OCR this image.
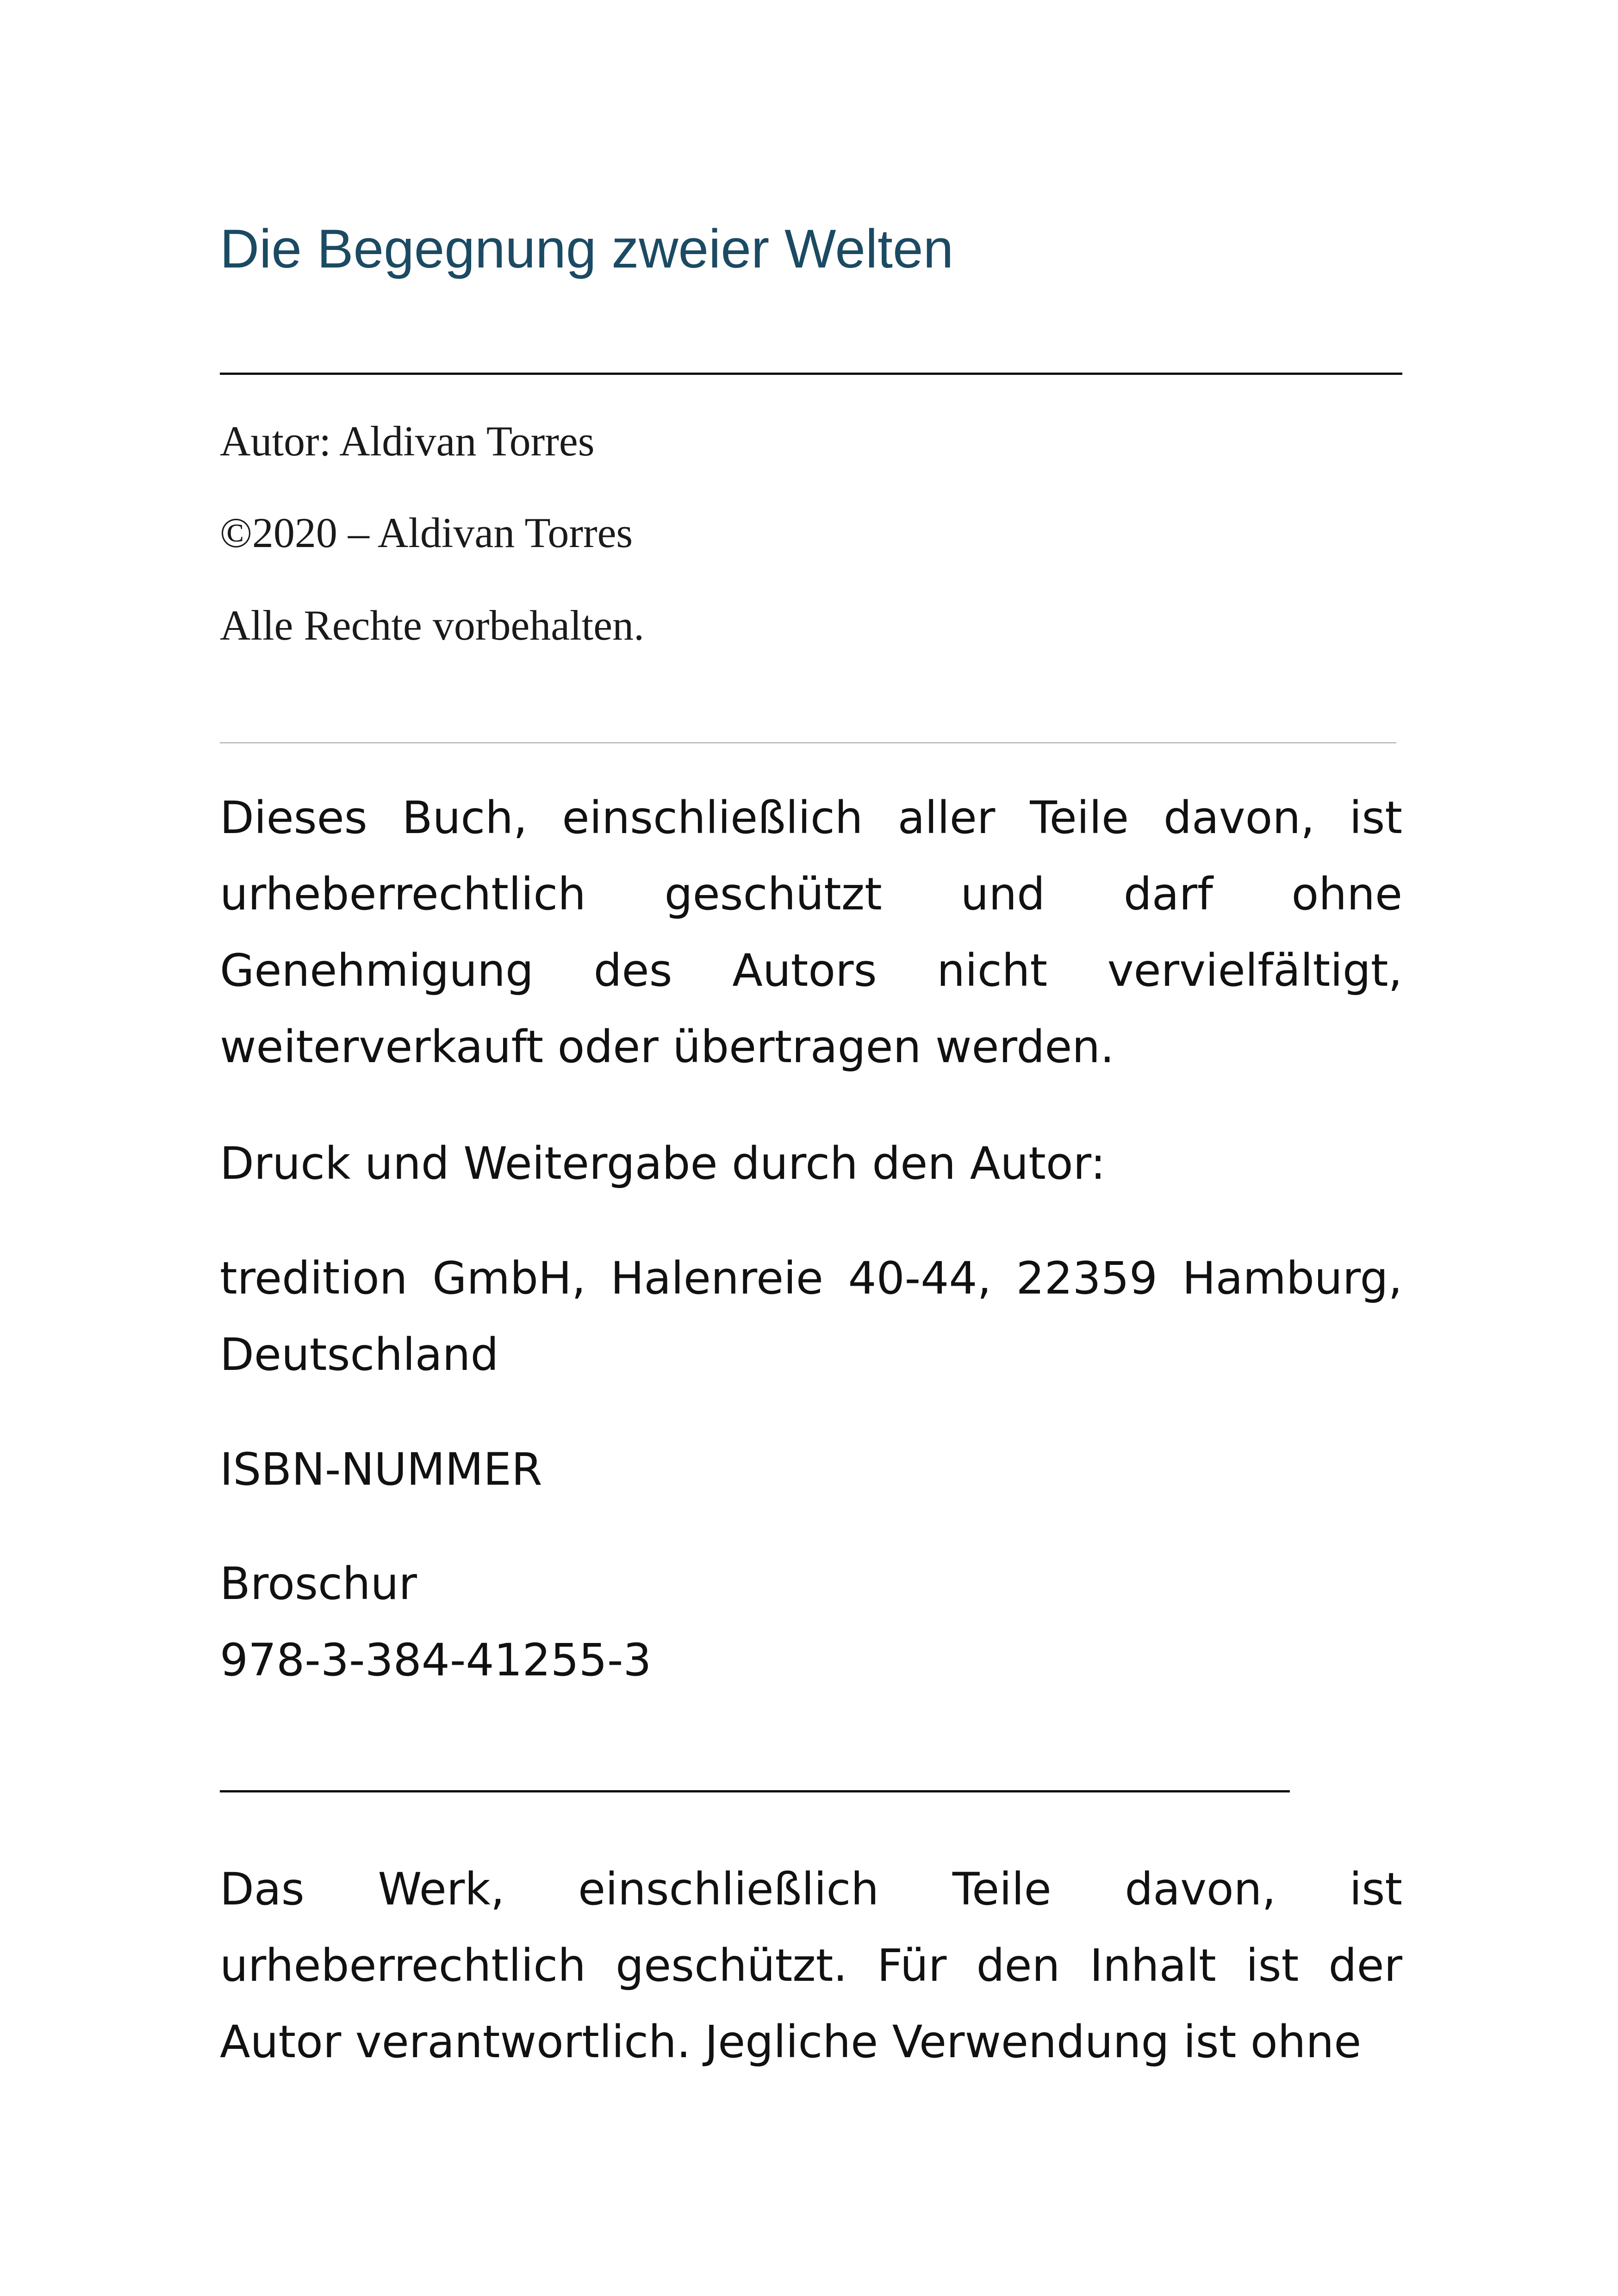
Die Begegnung zweier Welten

Autor: Aldivan Torres

©2020 – Aldivan Torres

Alle Rechte vorbehalten.

Dieses Buch, einschließlich aller Teile davon, ist urheberrechtlich geschützt und darf ohne Genehmigung des Autors nicht vervielfältigt, weiterverkauft oder übertragen werden.

Druck und Weitergabe durch den Autor:

tredition GmbH, Halenreie 40-44, 22359 Hamburg, Deutschland

ISBN-NUMMER

Broschur

978-3-384-41255-3

Das Werk, einschließlich Teile davon, ist urheberrechtlich geschützt. Für den Inhalt ist der Autor verantwortlich. Jegliche Verwendung ist ohne
